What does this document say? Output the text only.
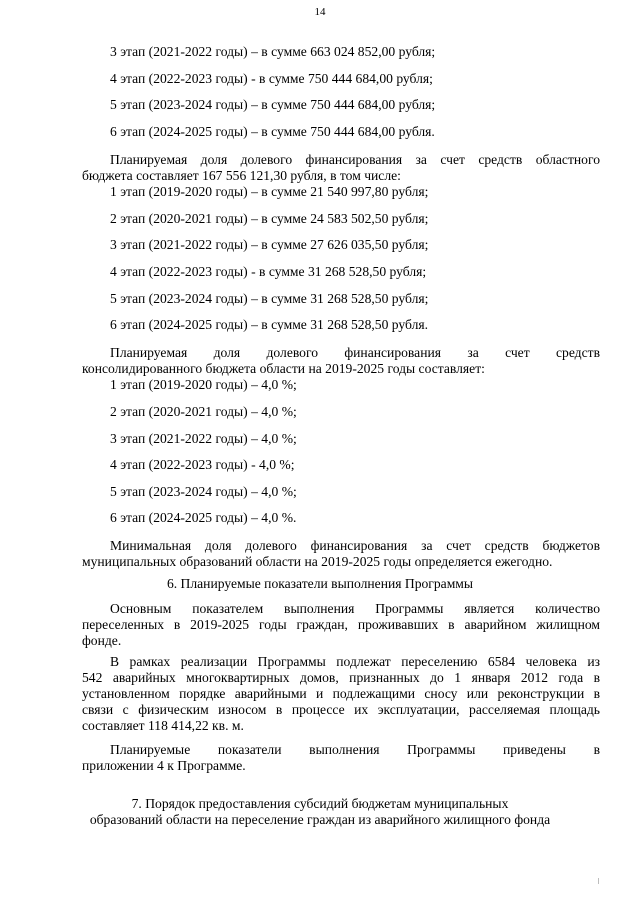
14
3 этап (2021-2022 годы) – в сумме 663 024 852,00 рубля;
4 этап (2022-2023 годы) - в сумме 750 444 684,00 рубля;
5 этап (2023-2024 годы) – в сумме 750 444 684,00 рубля;
6 этап (2024-2025 годы) – в сумме 750 444 684,00 рубля.
Планируемая доля долевого финансирования за счет средств областного
бюджета составляет 167 556 121,30 рубля, в том числе:
1 этап (2019-2020 годы) – в сумме 21 540 997,80 рубля;
2 этап (2020-2021 годы) – в сумме 24 583 502,50 рубля;
3 этап (2021-2022 годы) – в сумме 27 626 035,50 рубля;
4 этап (2022-2023 годы) - в сумме 31 268 528,50 рубля;
5 этап (2023-2024 годы) – в сумме 31 268 528,50 рубля;
6 этап (2024-2025 годы) – в сумме 31 268 528,50 рубля.
Планируемая доля долевого финансирования за счет средств
консолидированного бюджета области на 2019-2025 годы составляет:
1 этап (2019-2020 годы) – 4,0 %;
2 этап (2020-2021 годы) – 4,0 %;
3 этап (2021-2022 годы) – 4,0 %;
4 этап (2022-2023 годы) - 4,0 %;
5 этап (2023-2024 годы) – 4,0 %;
6 этап (2024-2025 годы) – 4,0 %.
Минимальная доля долевого финансирования за счет средств бюджетов
муниципальных образований области на 2019-2025 годы определяется ежегодно.
6. Планируемые показатели выполнения Программы
Основным показателем выполнения Программы является количество
переселенных в 2019-2025 годы граждан, проживавших в аварийном жилищном
фонде.
В рамках реализации Программы подлежат переселению 6584 человека из
542 аварийных многоквартирных домов, признанных до 1 января 2012 года в
установленном порядке аварийными и подлежащими сносу или реконструкции в
связи с физическим износом в процессе их эксплуатации, расселяемая площадь
составляет 118 414,22 кв. м.
Планируемые показатели выполнения Программы приведены в
приложении 4 к Программе.
7. Порядок предоставления субсидий бюджетам муниципальных
образований области на переселение граждан из аварийного жилищного фонда
